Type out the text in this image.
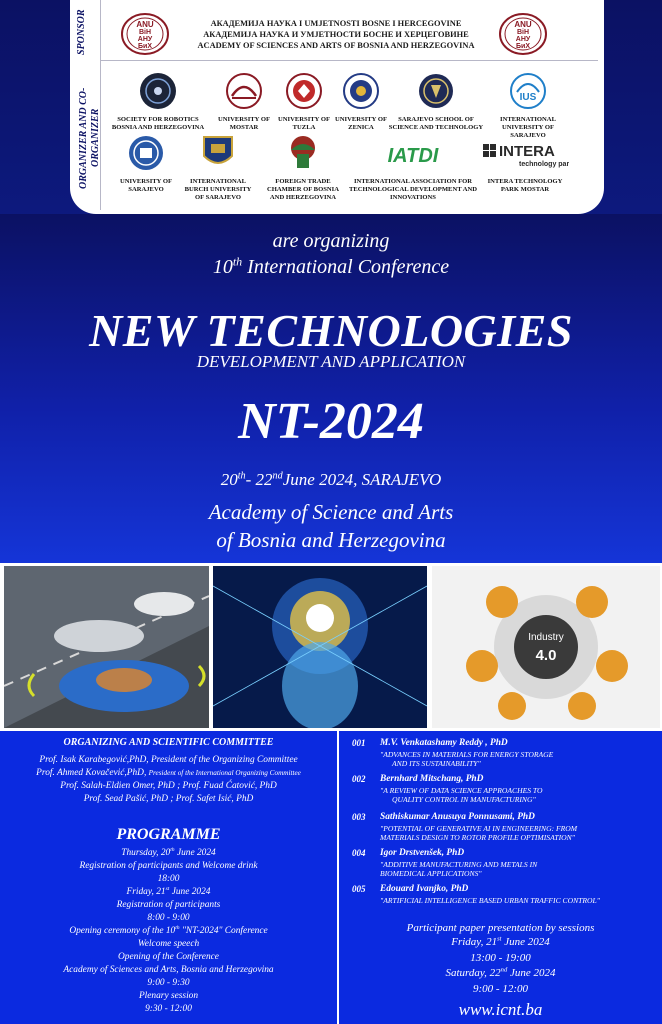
SPONSOR
ORGANIZER AND CO-ORGANIZER
ANU
BiH
АНУ
БиХ
ANU
BiH
АНУ
БиХ
АКАДЕМИЈА НАУКА I UMJETNOSTI BOSNE I HERCEGOVINE
АКАДЕМИЈА НАУКА И УМЈЕТНОСТИ БОСНЕ И ХЕРЦЕГОВИНЕ
ACADEMY OF SCIENCES AND ARTS OF BOSNIA AND HERZEGOVINA
SOCIETY FOR ROBOTICS BOSNIA AND HERZEGOVINA
UNIVERSITY OF MOSTAR
UNIVERSITY OF TUZLA
UNIVERSITY OF ZENICA
SARAJEVO SCHOOL OF SCIENCE AND TECHNOLOGY
IUS
INTERNATIONAL UNIVERSITY OF SARAJEVO
UNIVERSITY OF SARAJEVO
INTERNATIONAL BURCH UNIVERSITY OF SARAJEVO
FOREIGN TRADE CHAMBER OF BOSNIA AND HERZEGOVINA
IATDI
INTERNATIONAL ASSOCIATION FOR TECHNOLOGICAL DEVELOPMENT AND INNOVATIONS
INTERA
technology park
INTERA TECHNOLOGY PARK MOSTAR
are organizing
10th International Conference
NEW TECHNOLOGIES
DEVELOPMENT AND APPLICATION
NT-2024
20th- 22ndJune 2024, SARAJEVO
Academy of Science and Arts
of Bosnia and Herzegovina
Industry
4.0
ORGANIZING AND SCIENTIFIC COMMITTEE
Prof. Isak Karabegović,PhD, President of the Organizing Committee
Prof. Ahmed Kovačević,PhD, President of the International Organizing Committee
Prof. Salah-Eldien Omer, PhD ; Prof. Fuad Ćatović, PhD
Prof. Sead Pašić, PhD ; Prof. Safet Isić, PhD
PROGRAMME
Thursday, 20th June 2024
Registration of participants and Welcome drink
18:00
Friday, 21st June 2024
Registration of participants
8:00 - 9:00
Opening ceremony of the 10th "NT-2024" Conference
Welcome speech
Opening of the Conference
Academy of Sciences and Arts, Bosnia and Herzegovina
9:00 - 9:30
Plenary session
9:30 - 12:00
001 M.V. Venkatashamy Reddy , PhD
"ADVANCES IN MATERIALS FOR ENERGY STORAGE
AND ITS SUSTAINABILITY"
002 Bernhard Mitschang, PhD
"A REVIEW OF DATA SCIENCE APPROACHES TO
QUALITY CONTROL IN MANUFACTURING"
003 Sathiskumar Anusuya Ponnusami, PhD
"POTENTIAL OF GENERATIVE AI IN ENGINEERING: FROM
MATERIALS DESIGN TO ROTOR PROFILE OPTIMISATION"
004 Igor Drstvenšek, PhD
"ADDITIVE MANUFACTURING AND METALS IN
BIOMEDICAL APPLICATIONS"
005 Edouard Ivanjko, PhD
"ARTIFICIAL INTELLIGENCE BASED URBAN TRAFFIC CONTROL"
Participant paper presentation by sessions
Friday, 21st June 2024
13:00 - 19:00
Saturday, 22nd June 2024
9:00 - 12:00
www.icnt.ba
